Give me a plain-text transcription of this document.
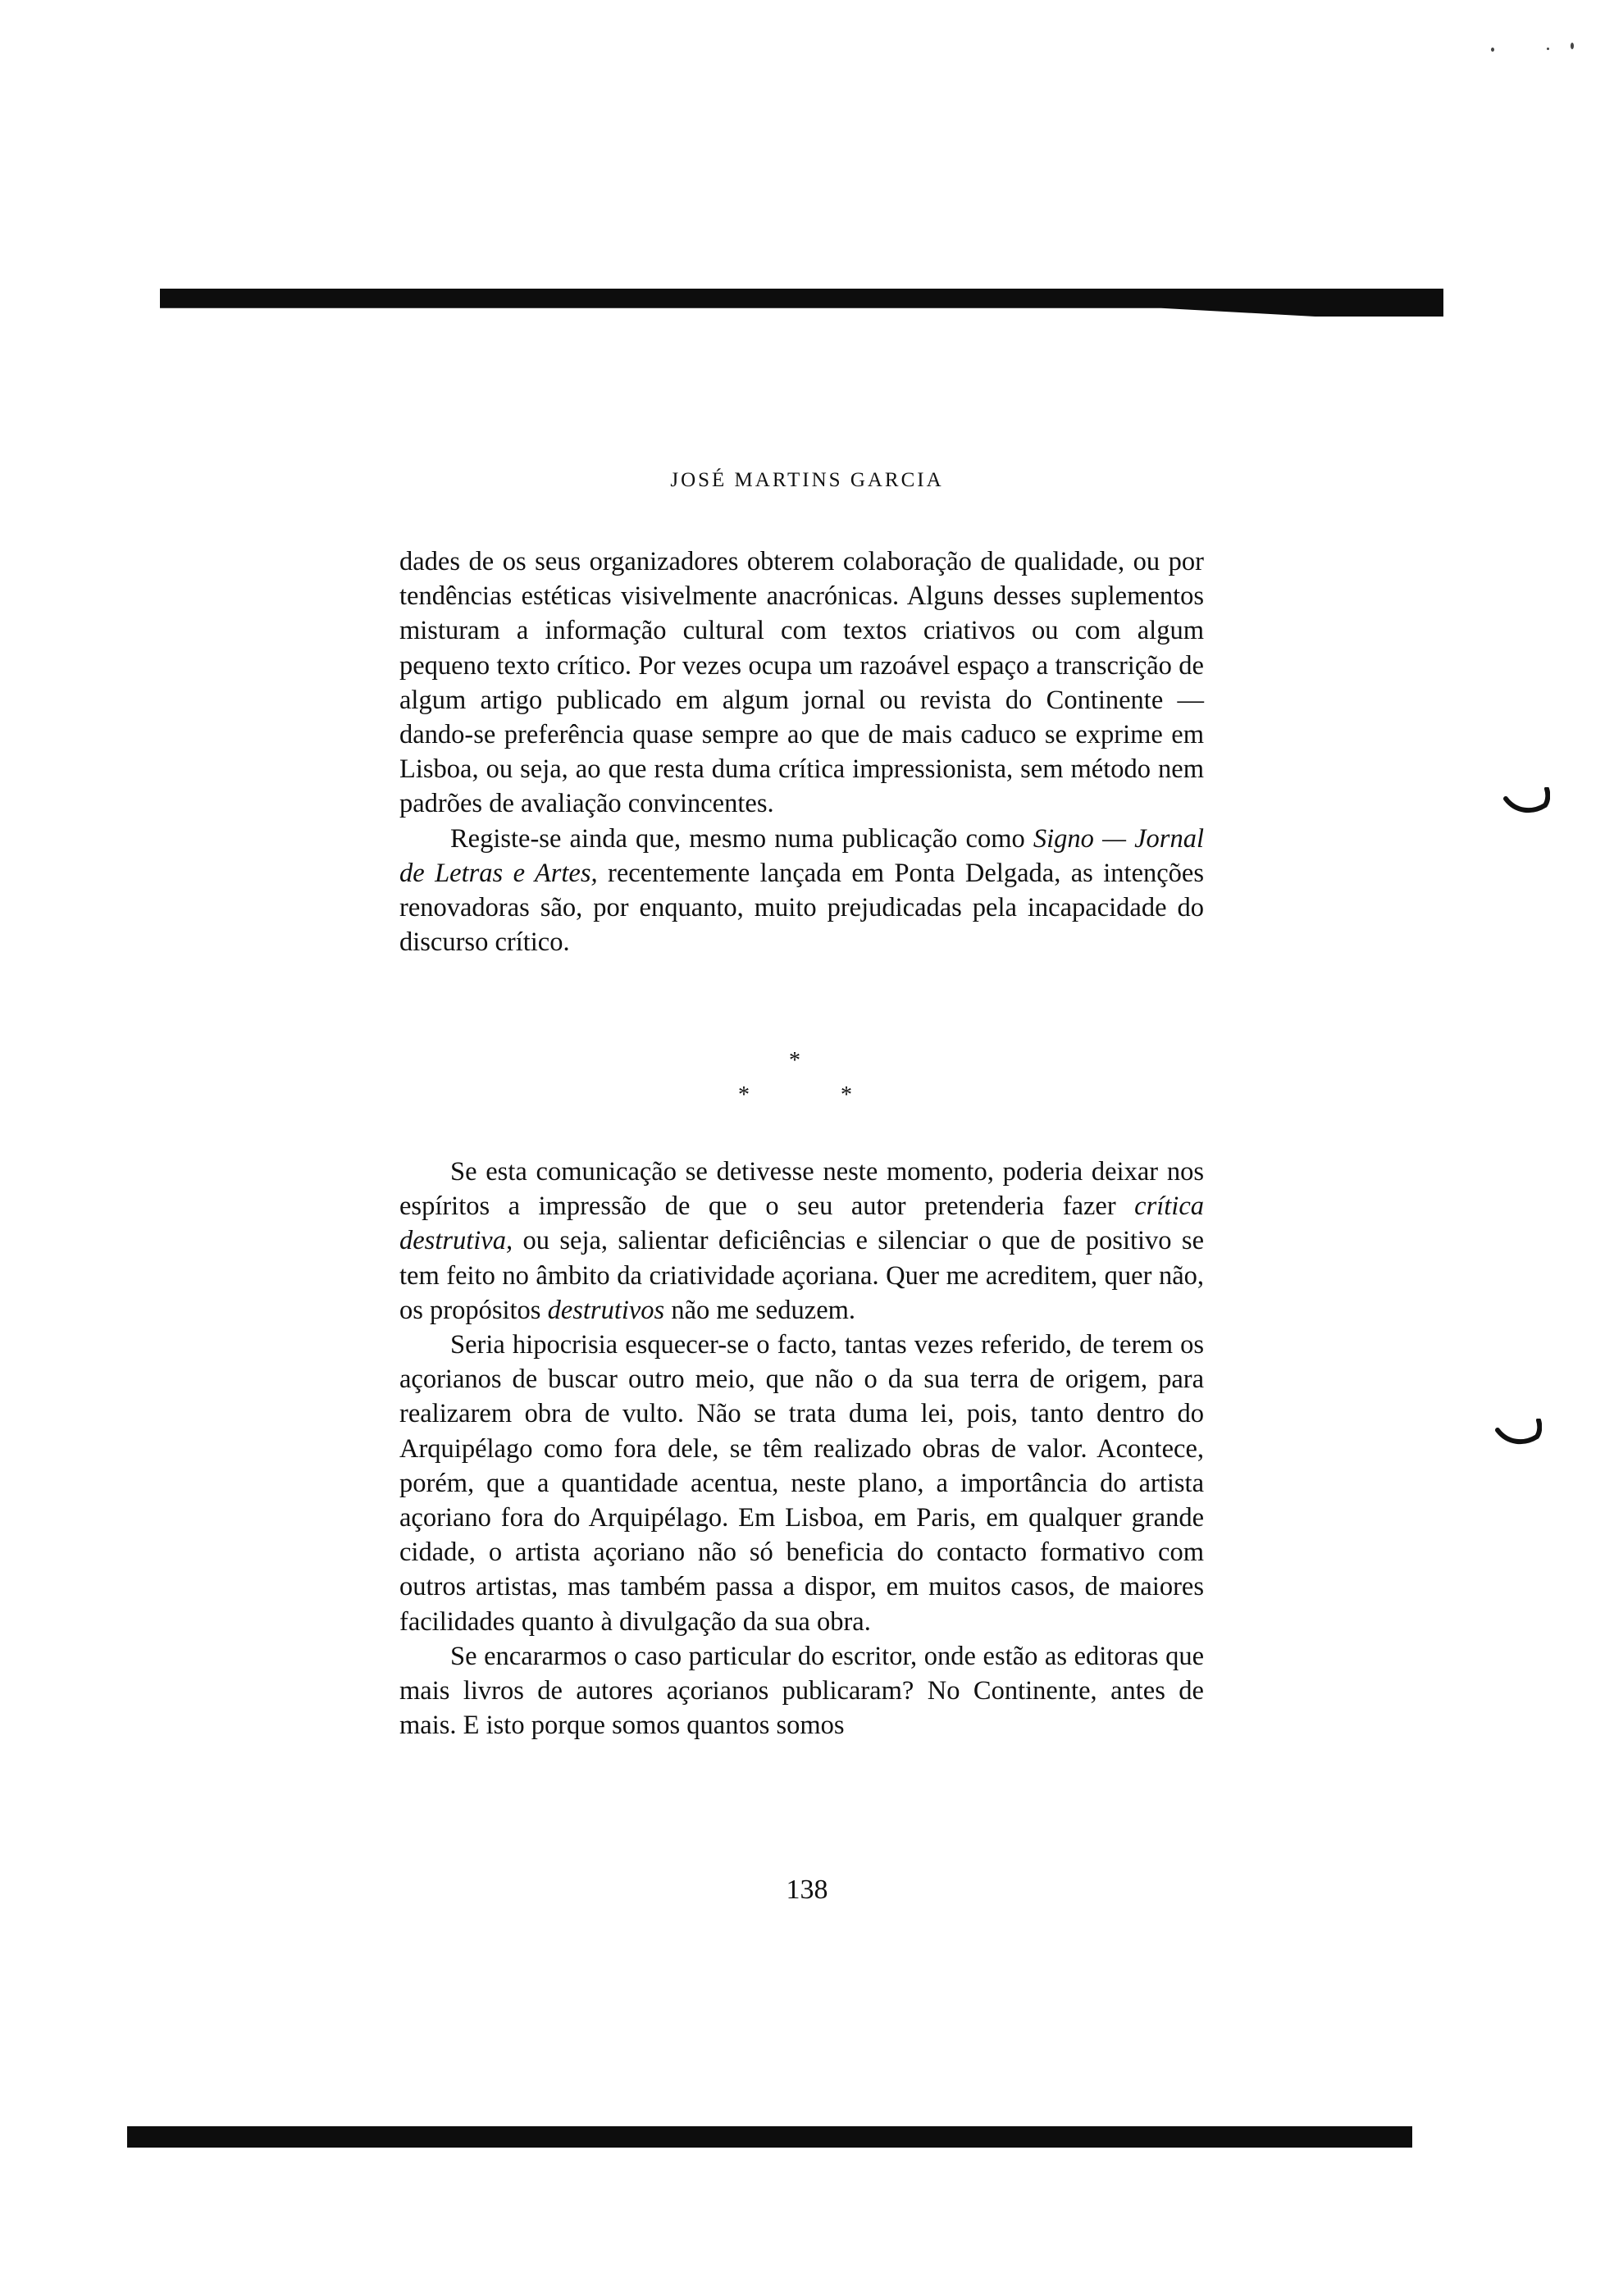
JOSÉ MARTINS GARCIA

dades de os seus organizadores obterem colaboração de qualidade, ou por tendências estéticas visivelmente anacrónicas. Alguns desses suplementos misturam a informação cultural com textos criativos ou com algum pequeno texto crítico. Por vezes ocupa um razoável espaço a transcrição de algum artigo publicado em algum jornal ou revista do Continente — dando-se preferência quase sempre ao que de mais caduco se exprime em Lisboa, ou seja, ao que resta duma crítica impressionista, sem método nem padrões de avaliação convincentes.

Registe-se ainda que, mesmo numa publicação como Signo — Jornal de Letras e Artes, recentemente lançada em Ponta Delgada, as intenções renovadoras são, por enquanto, muito prejudicadas pela incapacidade do discurso crítico.

*
*	*

Se esta comunicação se detivesse neste momento, poderia deixar nos espíritos a impressão de que o seu autor pretenderia fazer crítica destrutiva, ou seja, salientar deficiências e silenciar o que de positivo se tem feito no âmbito da criatividade açoriana. Quer me acreditem, quer não, os propósitos destrutivos não me seduzem.

Seria hipocrisia esquecer-se o facto, tantas vezes referido, de terem os açorianos de buscar outro meio, que não o da sua terra de origem, para realizarem obra de vulto. Não se trata duma lei, pois, tanto dentro do Arquipélago como fora dele, se têm realizado obras de valor. Acontece, porém, que a quantidade acentua, neste plano, a importância do artista açoriano fora do Arquipélago. Em Lisboa, em Paris, em qualquer grande cidade, o artista açoriano não só beneficia do contacto formativo com outros artistas, mas também passa a dispor, em muitos casos, de maiores facilidades quanto à divulgação da sua obra.

Se encararmos o caso particular do escritor, onde estão as editoras que mais livros de autores açorianos publicaram? No Continente, antes de mais. E isto porque somos quantos somos

138
